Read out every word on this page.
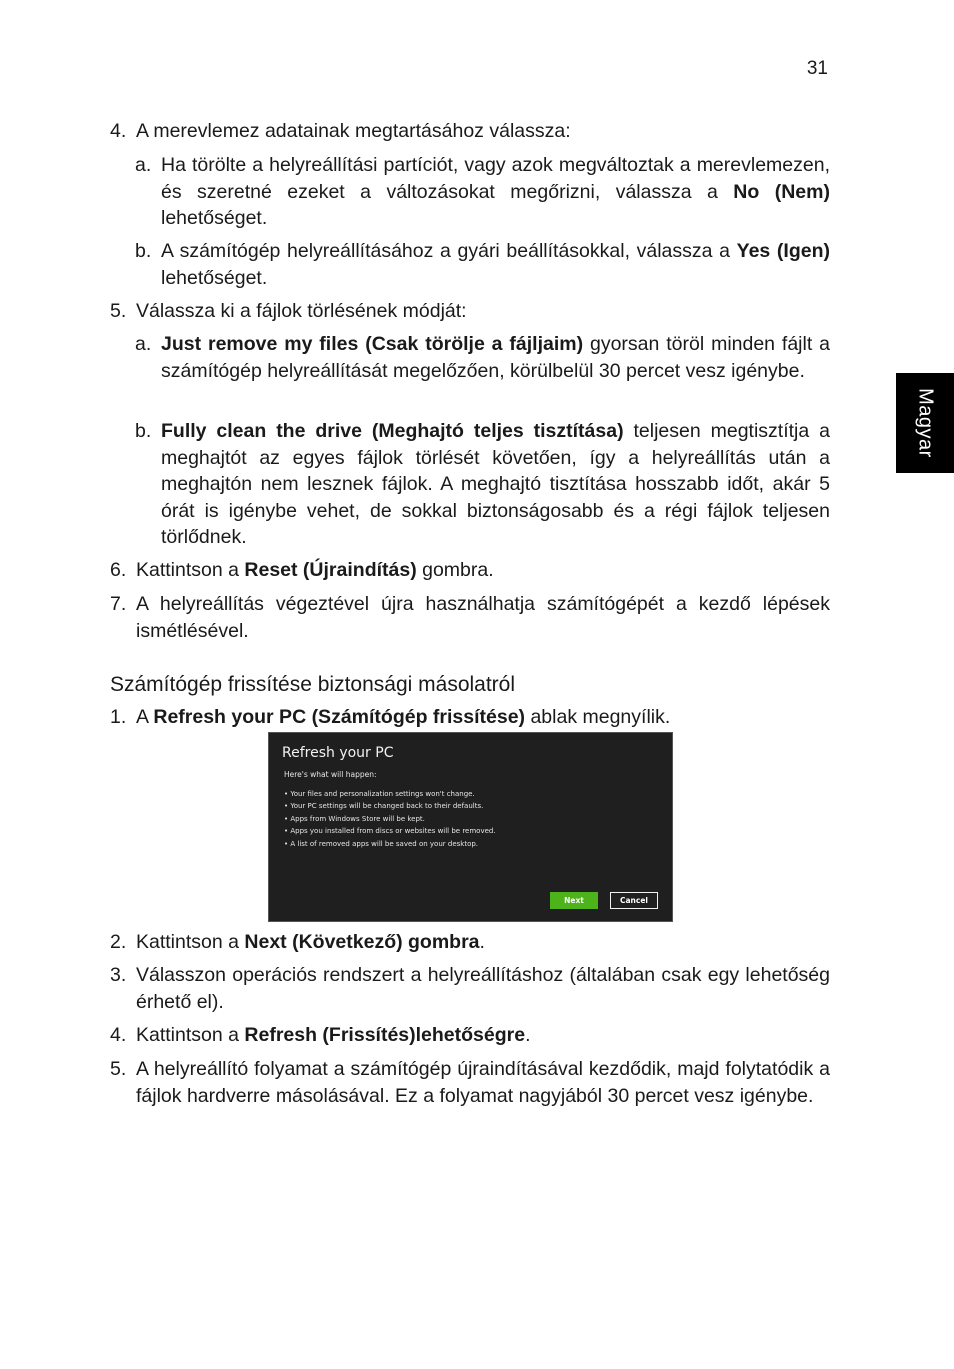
31
Magyar
4. A merevlemez adatainak megtartásához válassza:
a. Ha törölte a helyreállítási partíciót, vagy azok megváltoztak a merevlemezen, és szeretné ezeket a változásokat megőrizni, válassza a No (Nem) lehetőséget.
b. A számítógép helyreállításához a gyári beállításokkal, válassza a Yes (Igen) lehetőséget.
5. Válassza ki a fájlok törlésének módját:
a. Just remove my files (Csak törölje a fájljaim) gyorsan töröl minden fájlt a számítógép helyreállítását megelőzően, körülbelül 30 percet vesz igénybe.
b. Fully clean the drive (Meghajtó teljes tisztítása) teljesen megtisztítja a meghajtót az egyes fájlok törlését követően, így a helyreállítás után a meghajtón nem lesznek fájlok. A meghajtó tisztítása hosszabb időt, akár 5 órát is igénybe vehet, de sokkal biztonságosabb és a régi fájlok teljesen törlődnek.
6. Kattintson a Reset (Újraindítás) gombra.
7. A helyreállítás végeztével újra használhatja számítógépét a kezdő lépések ismétlésével.
Számítógép frissítése biztonsági másolatról
1. A Refresh your PC (Számítógép frissítése) ablak megnyílik.
Refresh your PC
Here's what will happen:
• Your files and personalization settings won't change.
• Your PC settings will be changed back to their defaults.
• Apps from Windows Store will be kept.
• Apps you installed from discs or websites will be removed.
• A list of removed apps will be saved on your desktop.
Next	Cancel
2. Kattintson a Next (Következő) gombra.
3. Válasszon operációs rendszert a helyreállításhoz (általában csak egy lehetőség érhető el).
4. Kattintson a Refresh (Frissítés)lehetőségre.
5. A helyreállító folyamat a számítógép újraindításával kezdődik, majd folytatódik a fájlok hardverre másolásával. Ez a folyamat nagyjából 30 percet vesz igénybe.
